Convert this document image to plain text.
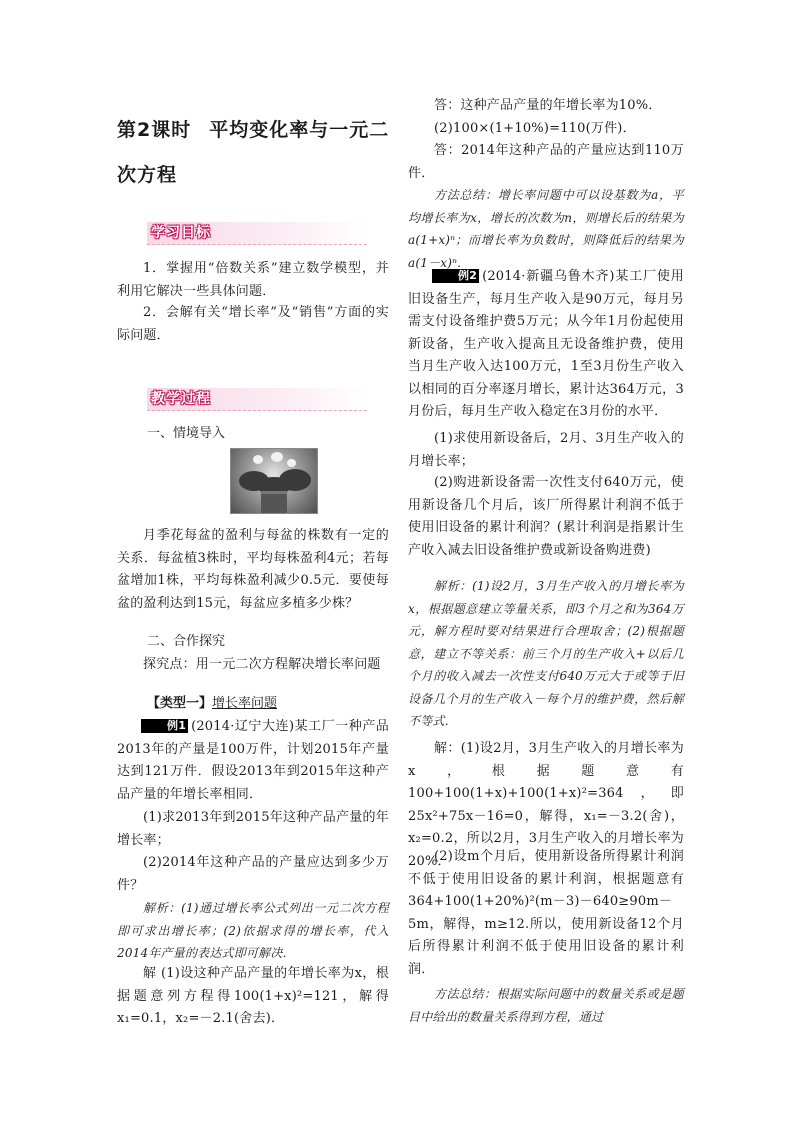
第2课时 平均变化率与一元二
次方程
学习目标
1．掌握用“倍数关系”建立数学模型，并利用它解决一些具体问题．
2．会解有关“增长率”及“销售”方面的实际问题．
教学过程
一、情境导入
月季花每盆的盈利与每盆的株数有一定的关系．每盆植3株时，平均每株盈利4元；若每盆增加1株，平均每株盈利减少0.5元．要使每盆的盈利达到15元，每盆应多植多少株？
二、合作探究
探究点：用一元二次方程解决增长率问题
【类型一】增长率问题
例1 (2014·辽宁大连)某工厂一种产品2013年的产量是100万件，计划2015年产量达到121万件．假设2013年到2015年这种产品产量的年增长率相同．
(1)求2013年到2015年这种产品产量的年增长率；
(2)2014年这种产品的产量应达到多少万件？
解析：(1)通过增长率公式列出一元二次方程即可求出增长率；(2)依据求得的增长率，代入2014年产量的表达式即可解决．
解 (1)设这种产品产量的年增长率为x，根据题意列方程得100(1+x)²=121，解得x₁=0.1，x₂=－2.1(舍去)．
答：这种产品产量的年增长率为10%．
(2)100×(1+10%)=110(万件)．
答：2014年这种产品的产量应达到110万件．
方法总结：增长率问题中可以设基数为a，平均增长率为x，增长的次数为n，则增长后的结果为a(1+x)ⁿ；而增长率为负数时，则降低后的结果为a(1－x)ⁿ．
例2 (2014·新疆乌鲁木齐)某工厂使用旧设备生产，每月生产收入是90万元，每月另需支付设备维护费5万元；从今年1月份起使用新设备，生产收入提高且无设备维护费，使用当月生产收入达100万元，1至3月份生产收入以相同的百分率逐月增长，累计达364万元，3月份后，每月生产收入稳定在3月份的水平．
(1)求使用新设备后，2月、3月生产收入的月增长率；
(2)购进新设备需一次性支付640万元，使用新设备几个月后，该厂所得累计利润不低于使用旧设备的累计利润？(累计利润是指累计生产收入减去旧设备维护费或新设备购进费)
解析：(1)设2月，3月生产收入的月增长率为x，根据题意建立等量关系，即3个月之和为364万元，解方程时要对结果进行合理取舍；(2)根据题意，建立不等关系：前三个月的生产收入+以后几个月的收入减去一次性支付640万元大于或等于旧设备几个月的生产收入－每个月的维护费，然后解不等式．
解：(1)设2月，3月生产收入的月增长率为x，根据题意有100+100(1+x)+100(1+x)²=364，即25x²+75x－16=0，解得，x₁=－3.2(舍)，x₂=0.2，所以2月，3月生产收入的月增长率为20%．
(2)设m个月后，使用新设备所得累计利润不低于使用旧设备的累计利润，根据题意有364+100(1+20%)²(m－3)－640≥90m－5m，解得，m≥12.所以，使用新设备12个月后所得累计利润不低于使用旧设备的累计利润．
方法总结：根据实际问题中的数量关系或是题目中给出的数量关系得到方程，通过
